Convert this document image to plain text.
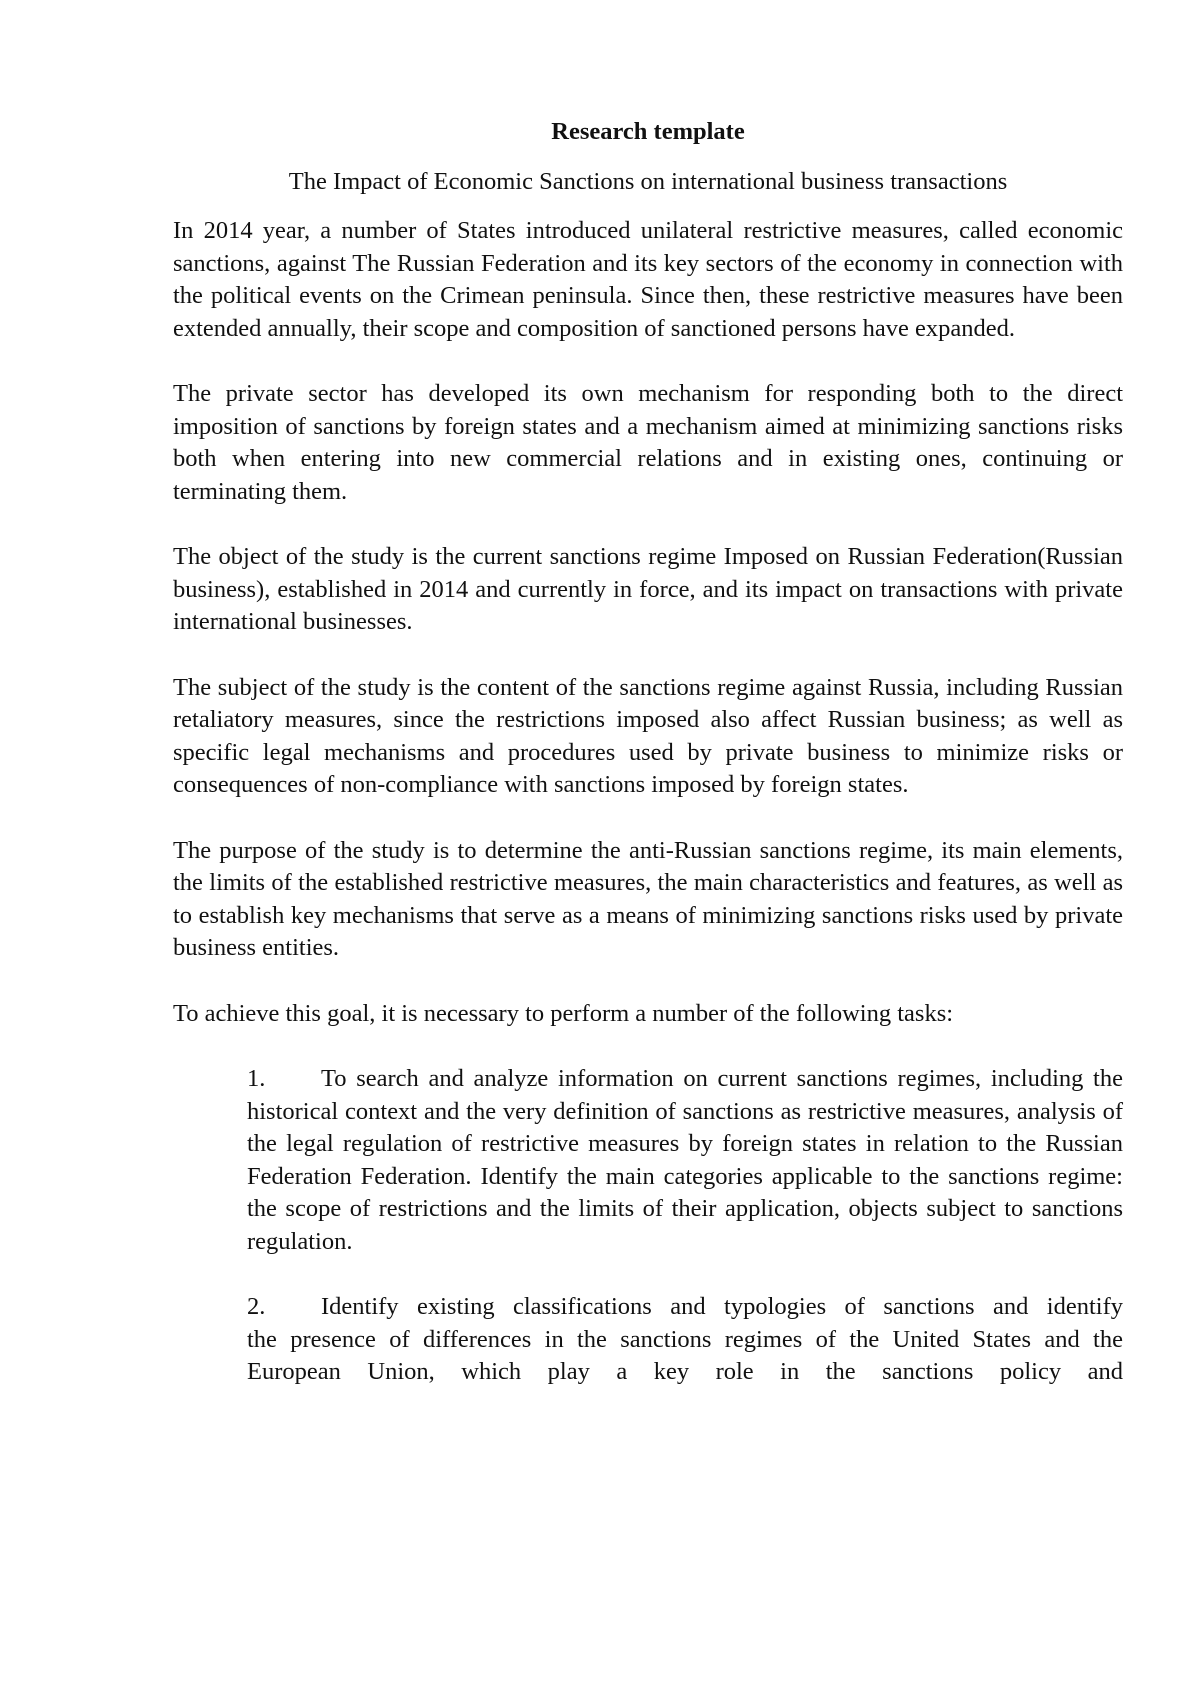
Research template
The Impact of Economic Sanctions on international business transactions

In 2014 year, a number of States introduced unilateral restrictive measures, called economic sanctions, against The Russian Federation and its key sectors of the economy in connection with the political events on the Crimean peninsula. Since then, these restrictive measures have been extended annually, their scope and composition of sanctioned persons have expanded.

The private sector has developed its own mechanism for responding both to the direct imposition of sanctions by foreign states and a mechanism aimed at minimizing sanctions risks both when entering into new commercial relations and in existing ones, continuing or terminating them.

The object of the study is the current sanctions regime Imposed on Russian Federation(Russian business), established in 2014 and currently in force, and its impact on transactions with private international businesses.

The subject of the study is the content of the sanctions regime against Russia, including Russian retaliatory measures, since the restrictions imposed also affect Russian business; as well as specific legal mechanisms and procedures used by private business to minimize risks or consequences of non-compliance with sanctions imposed by foreign states.

The purpose of the study is to determine the anti-Russian sanctions regime, its main elements, the limits of the established restrictive measures, the main characteristics and features, as well as to establish key mechanisms that serve as a means of minimizing sanctions risks used by private business entities.

To achieve this goal, it is necessary to perform a number of the following tasks:

1. To search and analyze information on current sanctions regimes, including the historical context and the very definition of sanctions as restrictive measures, analysis of the legal regulation of restrictive measures by foreign states in relation to the Russian Federation Federation. Identify the main categories applicable to the sanctions regime: the scope of restrictions and the limits of their application, objects subject to sanctions regulation.
2. Identify existing classifications and typologies of sanctions and identify
the presence of differences in the sanctions regimes of the United States and the European Union, which play a key role in the sanctions policy and
